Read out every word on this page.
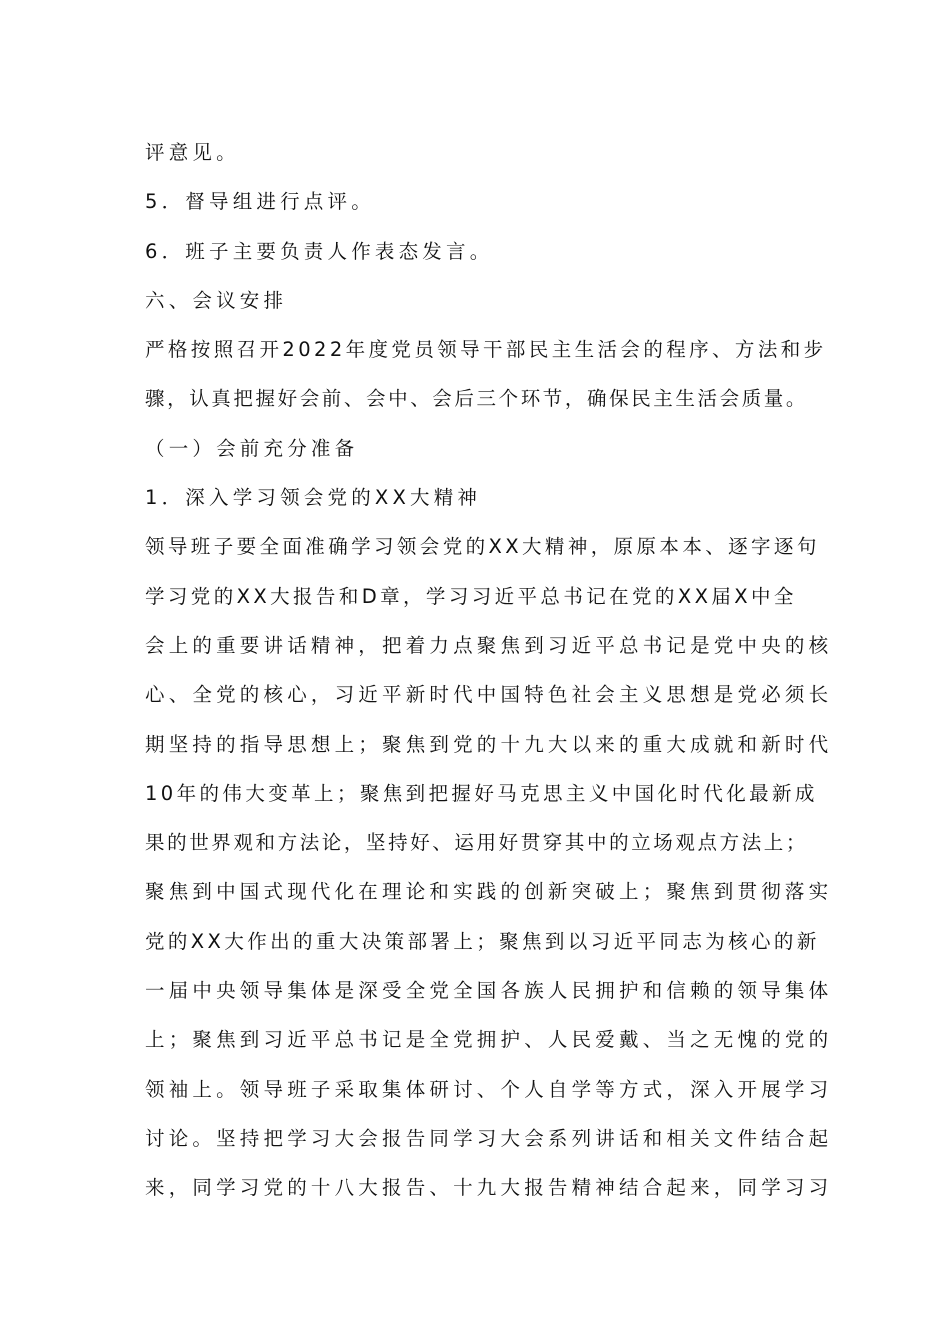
评意见。
5．督导组进行点评。
6．班子主要负责人作表态发言。
六、会议安排
严格按照召开2022年度党员领导干部民主生活会的程序、方法和步
骤，认真把握好会前、会中、会后三个环节，确保民主生活会质量。
（一）会前充分准备
1．深入学习领会党的XX大精神
领导班子要全面准确学习领会党的XX大精神，原原本本、逐字逐句
学习党的XX大报告和D章，学习习近平总书记在党的XX届X中全
会上的重要讲话精神，把着力点聚焦到习近平总书记是党中央的核
心、全党的核心，习近平新时代中国特色社会主义思想是党必须长
期坚持的指导思想上；聚焦到党的十九大以来的重大成就和新时代
10年的伟大变革上；聚焦到把握好马克思主义中国化时代化最新成
果的世界观和方法论，坚持好、运用好贯穿其中的立场观点方法上；
聚焦到中国式现代化在理论和实践的创新突破上；聚焦到贯彻落实
党的XX大作出的重大决策部署上；聚焦到以习近平同志为核心的新
一届中央领导集体是深受全党全国各族人民拥护和信赖的领导集体
上；聚焦到习近平总书记是全党拥护、人民爱戴、当之无愧的党的
领袖上。领导班子采取集体研讨、个人自学等方式，深入开展学习
讨论。坚持把学习大会报告同学习大会系列讲话和相关文件结合起
来，同学习党的十八大报告、十九大报告精神结合起来，同学习习
